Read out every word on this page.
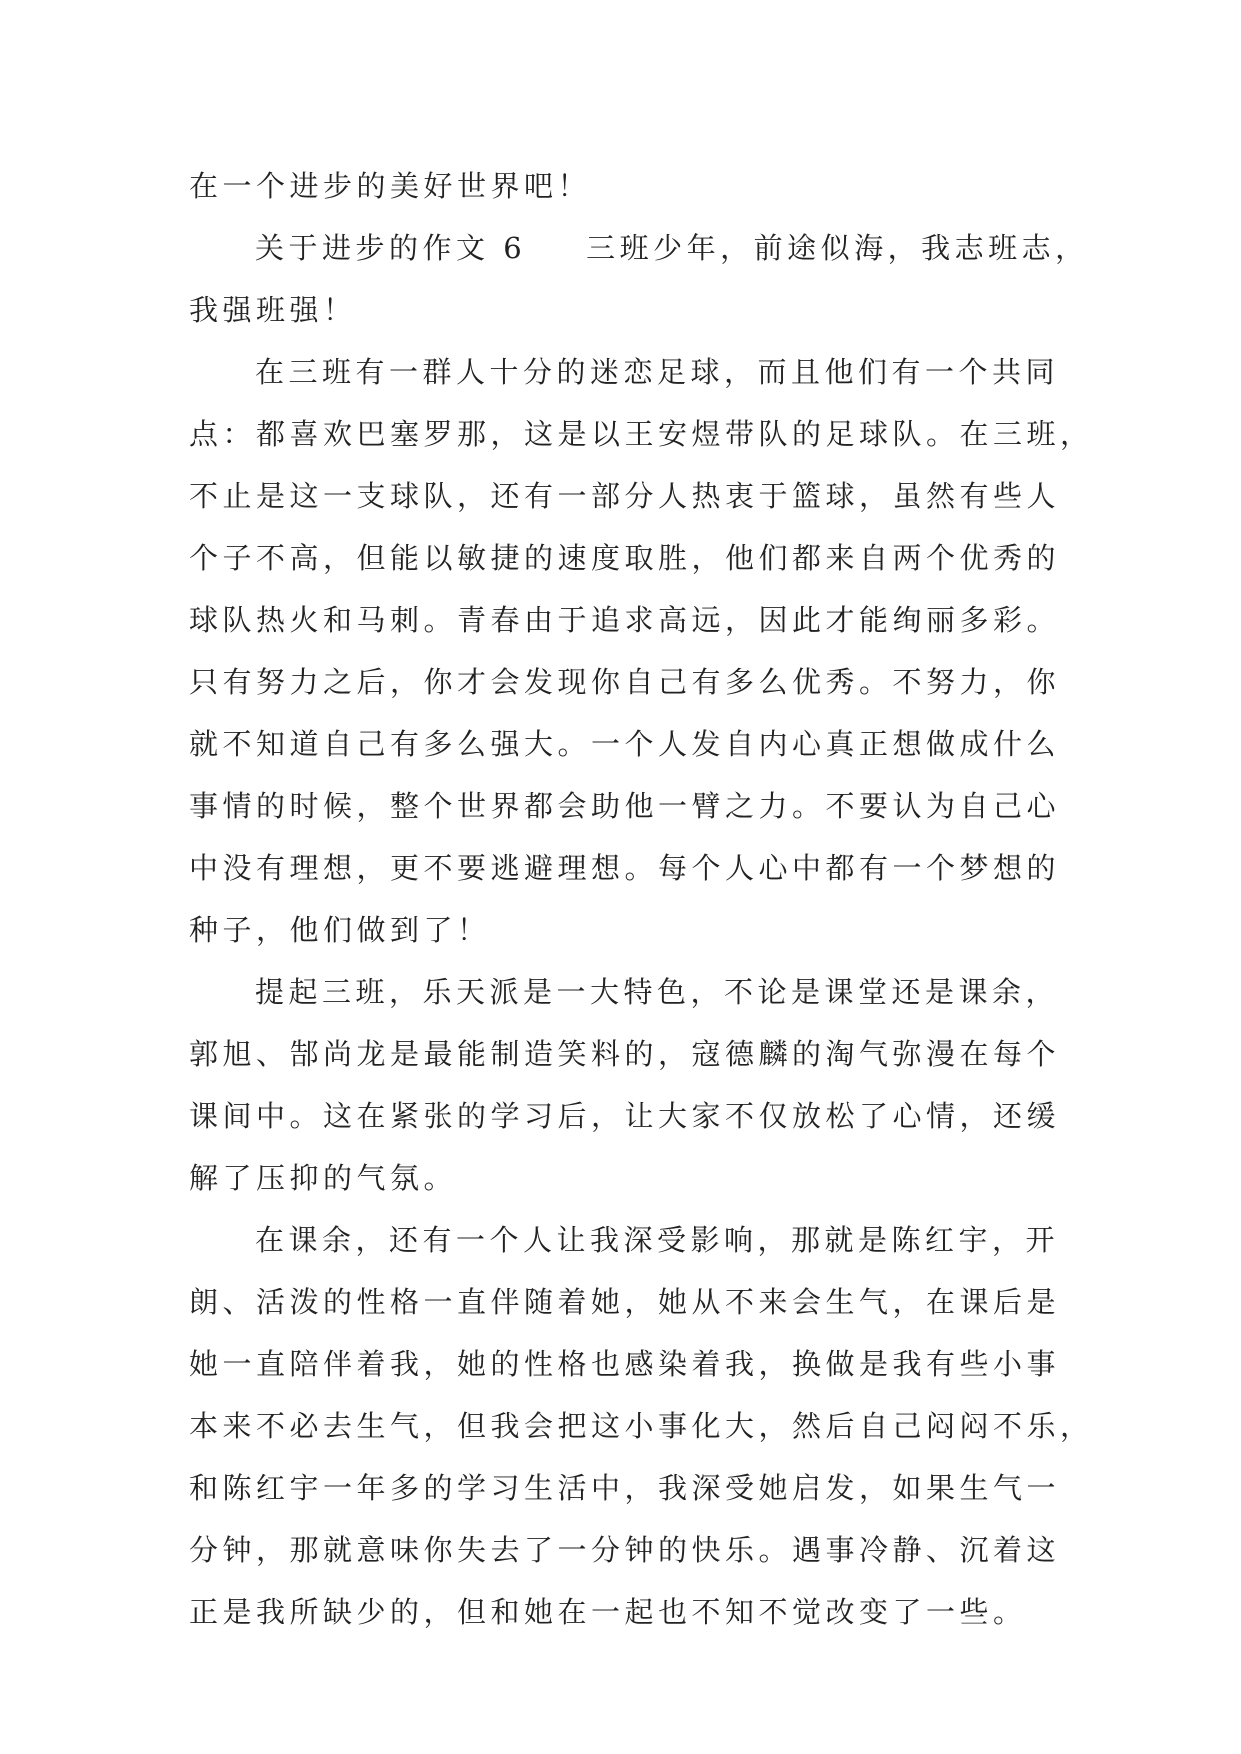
在一个进步的美好世界吧！
关于进步的作文 6 三班少年，前途似海，我志班志，
我强班强！
在三班有一群人十分的迷恋足球，而且他们有一个共同
点：都喜欢巴塞罗那，这是以王安煜带队的足球队。在三班，
不止是这一支球队，还有一部分人热衷于篮球，虽然有些人
个子不高，但能以敏捷的速度取胜，他们都来自两个优秀的
球队热火和马刺。青春由于追求高远，因此才能绚丽多彩。
只有努力之后，你才会发现你自己有多么优秀。不努力，你
就不知道自己有多么强大。一个人发自内心真正想做成什么
事情的时候，整个世界都会助他一臂之力。不要认为自己心
中没有理想，更不要逃避理想。每个人心中都有一个梦想的
种子，他们做到了！
提起三班，乐天派是一大特色，不论是课堂还是课余，
郭旭、郜尚龙是最能制造笑料的，寇德麟的淘气弥漫在每个
课间中。这在紧张的学习后，让大家不仅放松了心情，还缓
解了压抑的气氛。
在课余，还有一个人让我深受影响，那就是陈红宇，开
朗、活泼的性格一直伴随着她，她从不来会生气，在课后是
她一直陪伴着我，她的性格也感染着我，换做是我有些小事
本来不必去生气，但我会把这小事化大，然后自己闷闷不乐，
和陈红宇一年多的学习生活中，我深受她启发，如果生气一
分钟，那就意味你失去了一分钟的快乐。遇事冷静、沉着这
正是我所缺少的，但和她在一起也不知不觉改变了一些。
